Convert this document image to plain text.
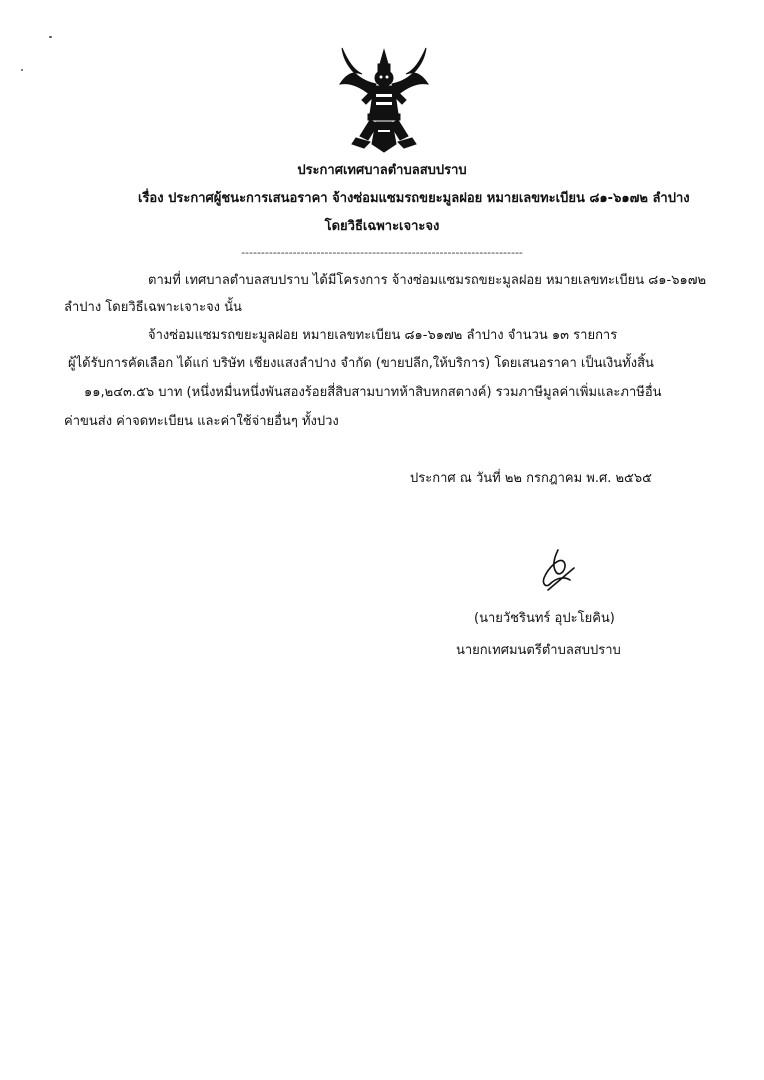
ประกาศเทศบาลตำบลสบปราบ
เรื่อง ประกาศผู้ชนะการเสนอราคา จ้างซ่อมแซมรถขยะมูลฝอย หมายเลขทะเบียน ๘๑-๖๑๗๒ ลำปาง
โดยวิธีเฉพาะเจาะจง
-----------------------------------------------------------------------
ตามที่ เทศบาลตำบลสบปราบ ได้มีโครงการ จ้างซ่อมแซมรถขยะมูลฝอย หมายเลขทะเบียน ๘๑-๖๑๗๒
ลำปาง โดยวิธีเฉพาะเจาะจง นั้น
จ้างซ่อมแซมรถขยะมูลฝอย หมายเลขทะเบียน ๘๑-๖๑๗๒ ลำปาง จำนวน ๑๓ รายการ
ผู้ได้รับการคัดเลือก ได้แก่ บริษัท เชียงแสงลำปาง จำกัด (ขายปลีก,ให้บริการ) โดยเสนอราคา เป็นเงินทั้งสิ้น
๑๑,๒๔๓.๕๖ บาท (หนึ่งหมื่นหนึ่งพันสองร้อยสี่สิบสามบาทห้าสิบหกสตางค์) รวมภาษีมูลค่าเพิ่มและภาษีอื่น
ค่าขนส่ง ค่าจดทะเบียน และค่าใช้จ่ายอื่นๆ ทั้งปวง
ประกาศ ณ วันที่ ๒๒ กรกฎาคม พ.ศ. ๒๕๖๕
(นายวัชรินทร์ อุปะโยคิน)
นายกเทศมนตรีตำบลสบปราบ
